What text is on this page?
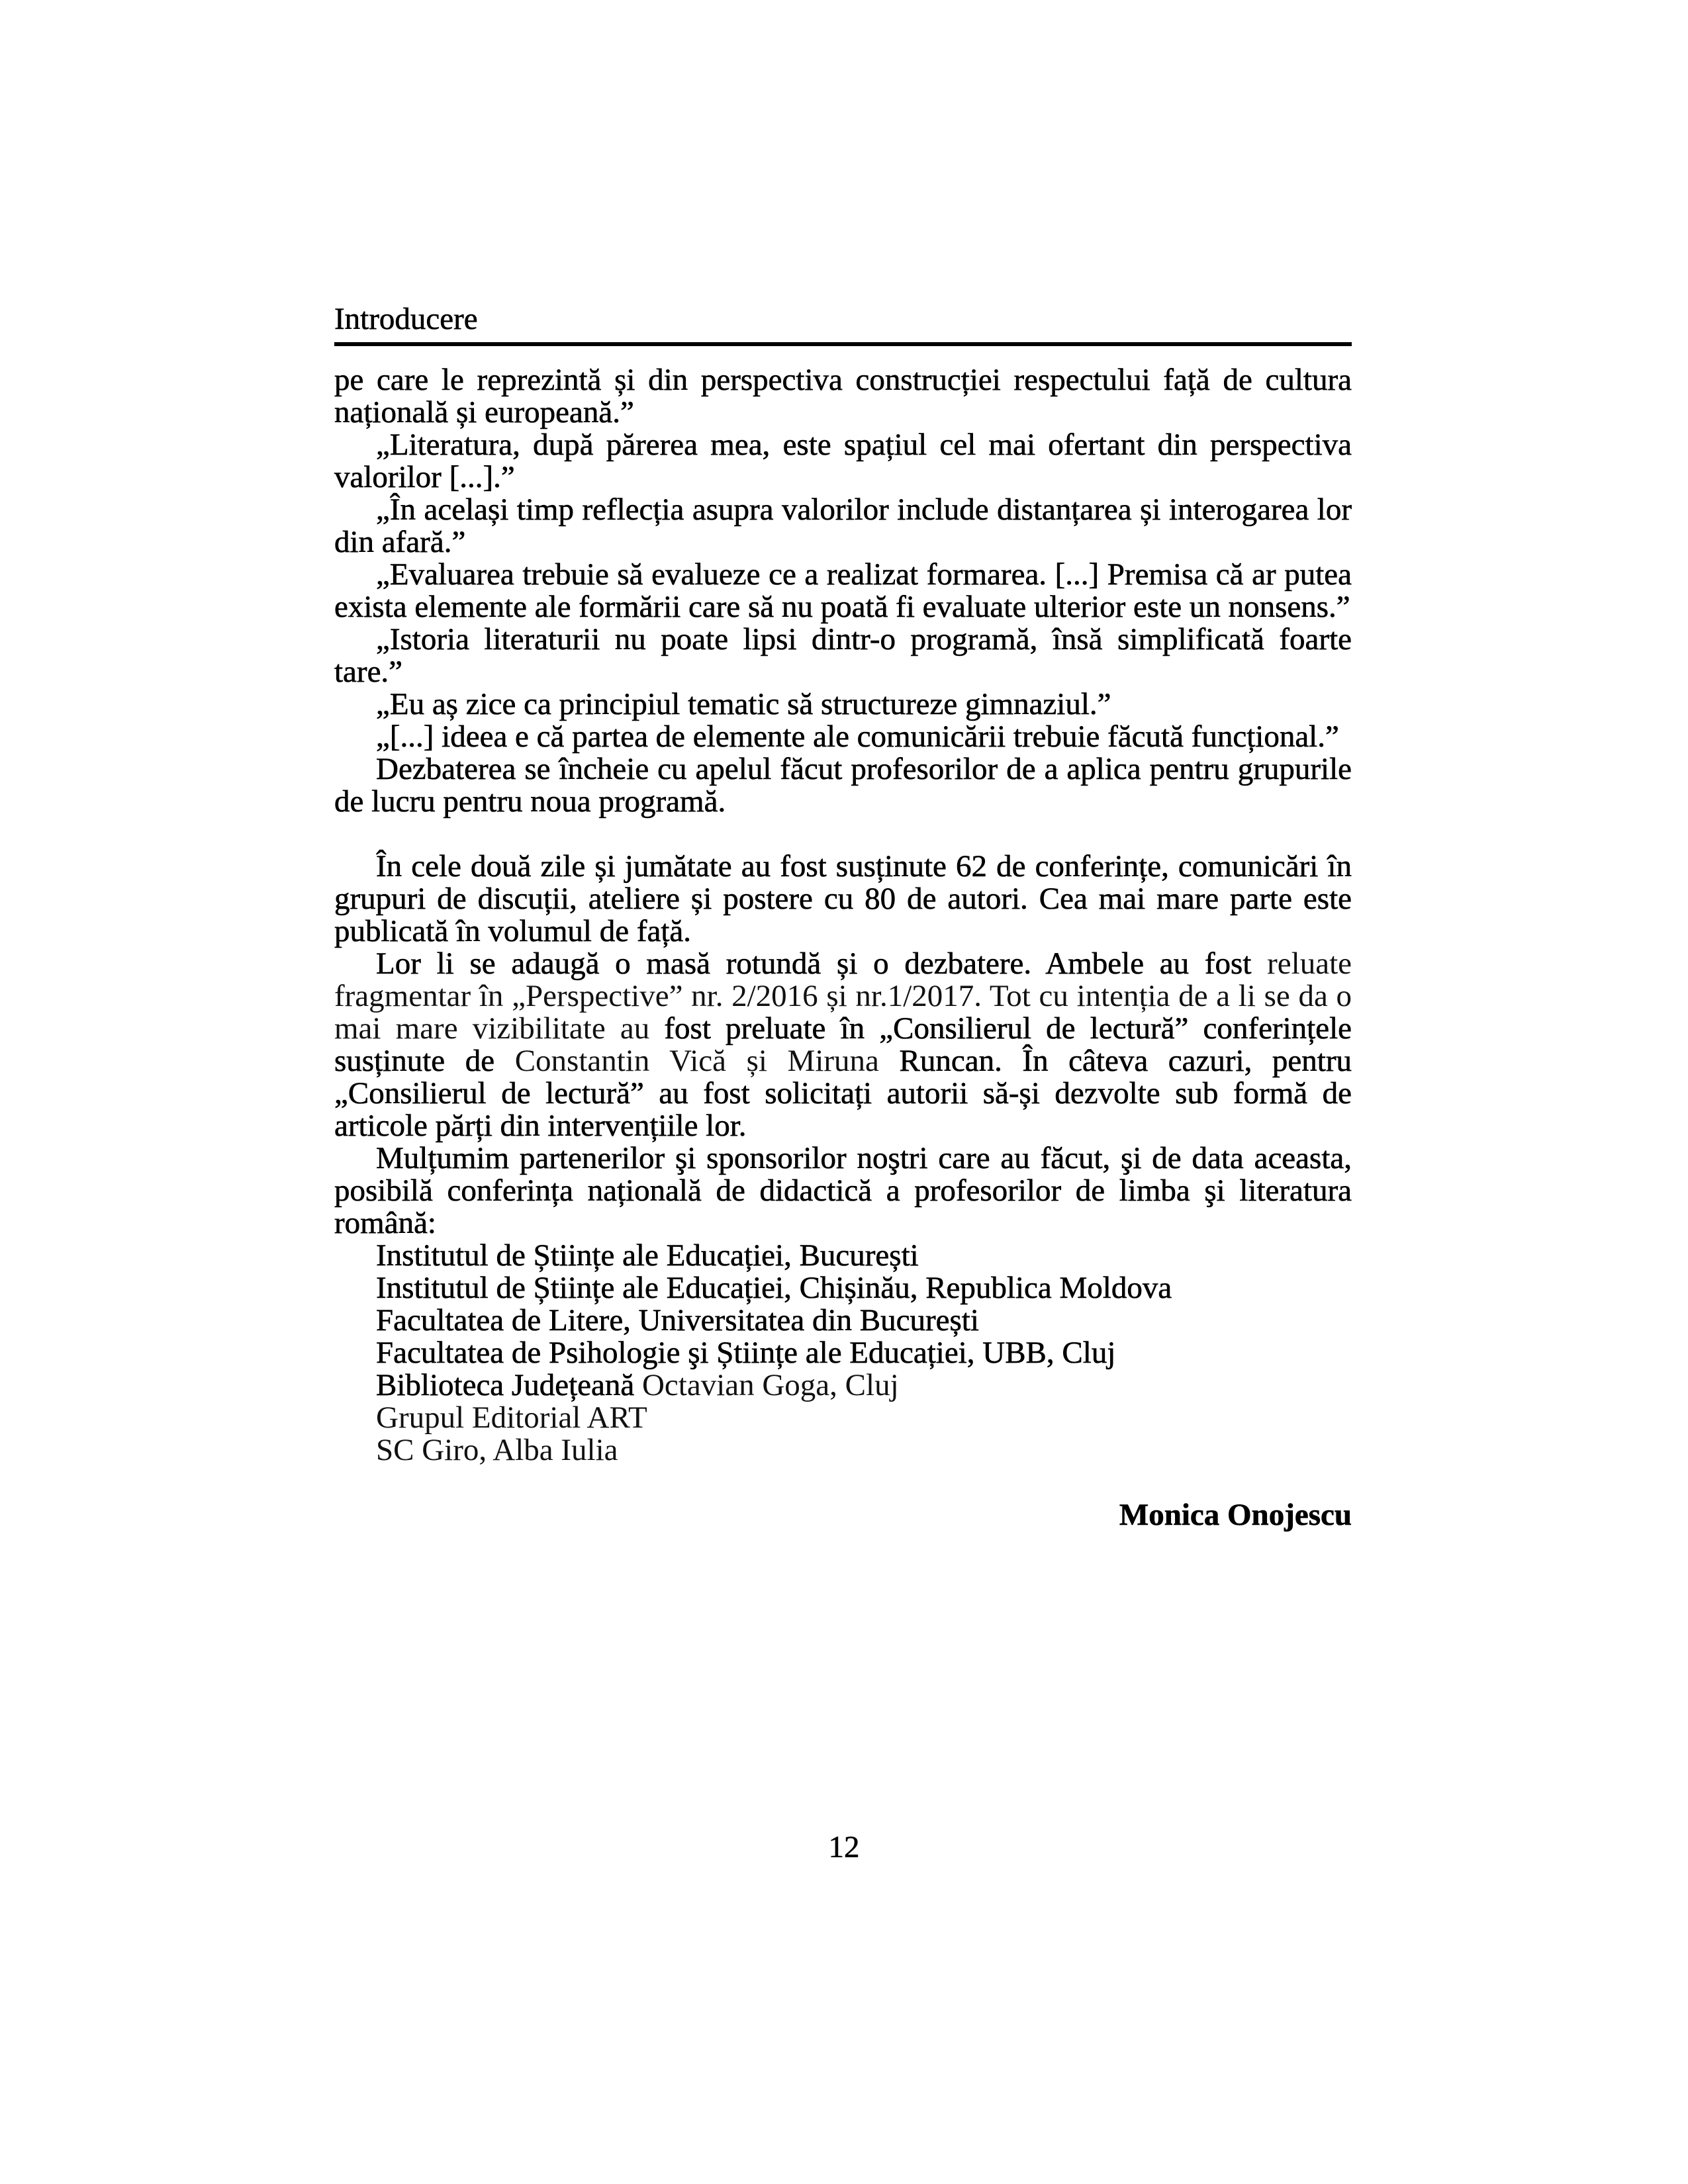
Introducere

pe care le reprezintă și din perspectiva construcției respectului față de cultura națională și europeană.”

„Literatura, după părerea mea, este spațiul cel mai ofertant din perspectiva valorilor [...].”

„În același timp reflecția asupra valorilor include distanțarea și interogarea lor din afară.”

„Evaluarea trebuie să evalueze ce a realizat formarea. [...] Premisa că ar putea exista elemente ale formării care să nu poată fi evaluate ulterior este un nonsens.”

„Istoria literaturii nu poate lipsi dintr-o programă, însă simplificată foarte tare.”

„Eu aș zice ca principiul tematic să structureze gimnaziul.”

„[...] ideea e că partea de elemente ale comunicării trebuie făcută funcțional.”

Dezbaterea se încheie cu apelul făcut profesorilor de a aplica pentru grupurile de lucru pentru noua programă.

În cele două zile și jumătate au fost susținute 62 de conferințe, comunicări în grupuri de discuții, ateliere și postere cu 80 de autori. Cea mai mare parte este publicată în volumul de față.

Lor li se adaugă o masă rotundă și o dezbatere. Ambele au fost reluate fragmentar în „Perspective” nr. 2/2016 și nr.1/2017. Tot cu intenția de a li se da o mai mare vizibilitate au fost preluate în „Consilierul de lectură” conferințele susținute de Constantin Vică și Miruna Runcan. În câteva cazuri, pentru „Consilierul de lectură” au fost solicitați autorii să-și dezvolte sub formă de articole părți din intervențiile lor.

Mulțumim partenerilor şi sponsorilor noştri care au făcut, şi de data aceasta, posibilă conferința națională de didactică a profesorilor de limba şi literatura română:

Institutul de Științe ale Educației, București

Institutul de Științe ale Educației, Chișinău, Republica Moldova

Facultatea de Litere, Universitatea din București

Facultatea de Psihologie şi Științe ale Educației, UBB, Cluj

Biblioteca Județeană Octavian Goga, Cluj

Grupul Editorial ART

SC Giro, Alba Iulia

Monica Onojescu

12
